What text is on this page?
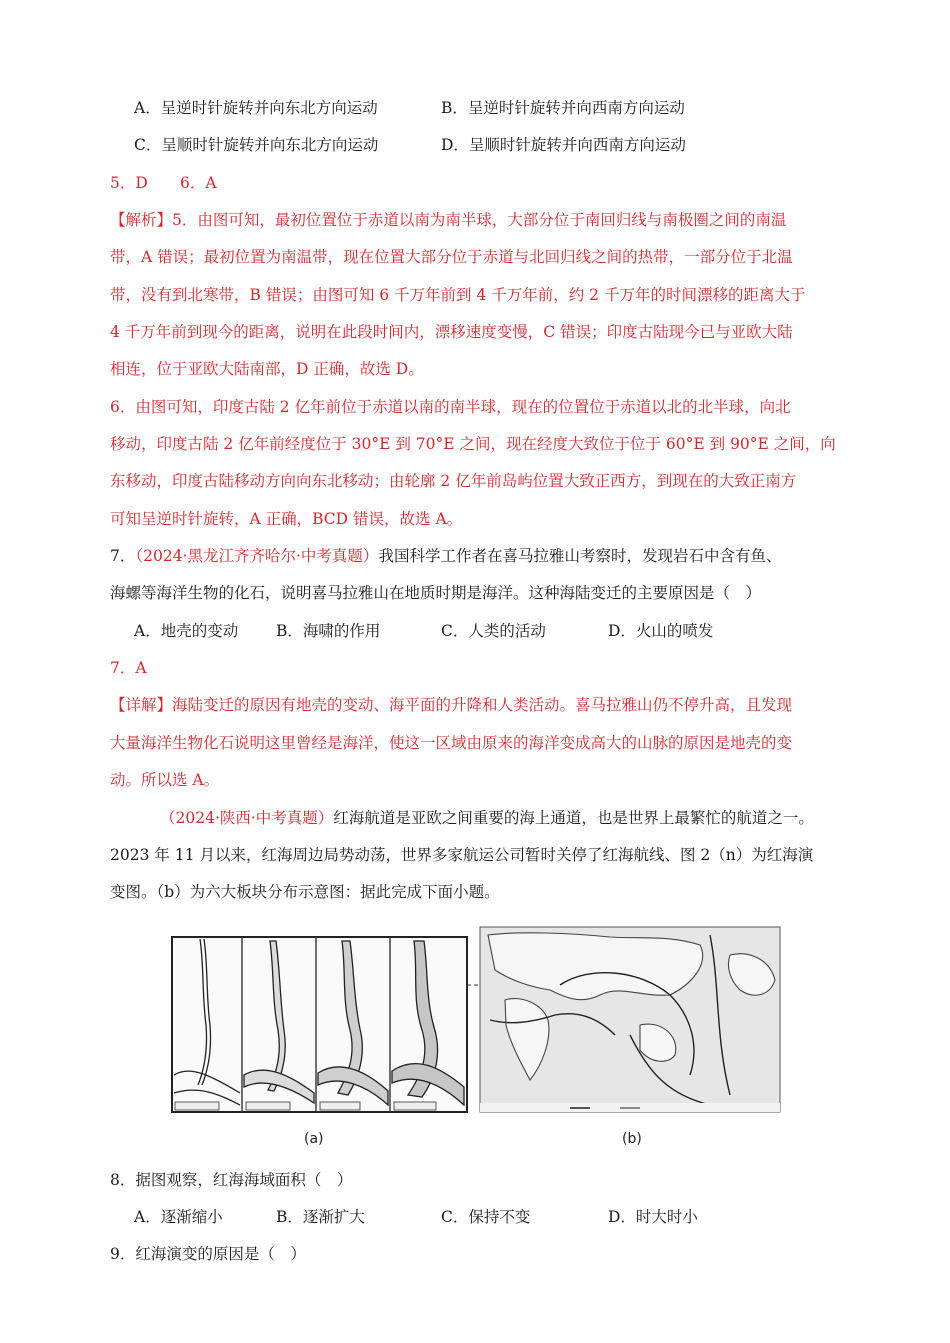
A．呈逆时针旋转并向东北方向运动	B．呈逆时针旋转并向西南方向运动
C．呈顺时针旋转并向东北方向运动	D．呈顺时针旋转并向西南方向运动
5．D 6．A
【解析】5．由图可知，最初位置位于赤道以南为南半球，大部分位于南回归线与南极圈之间的南温
带，A 错误；最初位置为南温带，现在位置大部分位于赤道与北回归线之间的热带，一部分位于北温
带，没有到北寒带，B 错误；由图可知 6 千万年前到 4 千万年前，约 2 千万年的时间漂移的距离大于
4 千万年前到现今的距离，说明在此段时间内，漂移速度变慢，C 错误；印度古陆现今已与亚欧大陆
相连，位于亚欧大陆南部，D 正确，故选 D。
6．由图可知，印度古陆 2 亿年前位于赤道以南的南半球，现在的位置位于赤道以北的北半球，向北
移动，印度古陆 2 亿年前经度位于 30°E 到 70°E 之间，现在经度大致位于位于 60°E 到 90°E 之间，向
东移动，印度古陆移动方向向东北移动；由轮廓 2 亿年前岛屿位置大致正西方，到现在的大致正南方
可知呈逆时针旋转，A 正确，BCD 错误，故选 A。
7．（2024·黑龙江齐齐哈尔·中考真题）我国科学工作者在喜马拉雅山考察时，发现岩石中含有鱼、
海螺等海洋生物的化石，说明喜马拉雅山在地质时期是海洋。这种海陆变迁的主要原因是（　）
A．地壳的变动 B．海啸的作用	C．人类的活动	D．火山的喷发
7．A
【详解】海陆变迁的原因有地壳的变动、海平面的升降和人类活动。喜马拉雅山仍不停升高，且发现
大量海洋生物化石说明这里曾经是海洋，使这一区域由原来的海洋变成高大的山脉的原因是地壳的变
动。所以选 A。
（2024·陕西·中考真题）红海航道是亚欧之间重要的海上通道，也是世界上最繁忙的航道之一。
2023 年 11 月以来，红海周边局势动荡，世界多家航运公司暂时关停了红海航线、图 2（n）为红海演
变图。（b）为六大板块分布示意图：据此完成下面小题。
(a)	(b)
8．据图观察，红海海域面积（　）
A．逐渐缩小	B．逐渐扩大	C．保持不变	D．时大时小
9．红海演变的原因是（　）
